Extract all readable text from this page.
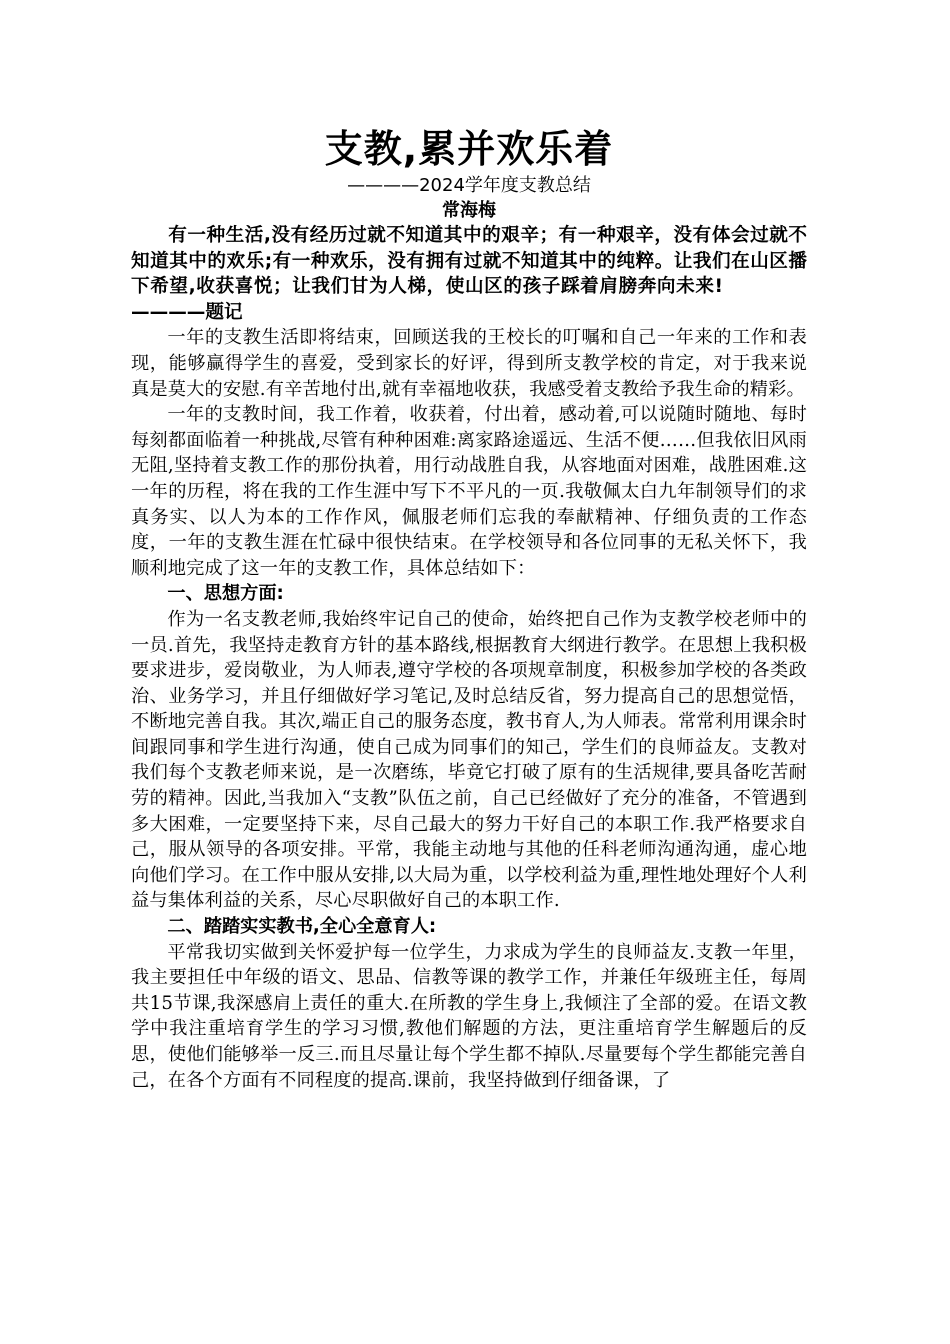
支教,累并欢乐着

————2024学年度支教总结

常海梅

有一种生活,没有经历过就不知道其中的艰辛；有一种艰辛，没有体会过就不知道其中的欢乐;有一种欢乐，没有拥有过就不知道其中的纯粹。让我们在山区播下希望,收获喜悦；让我们甘为人梯，使山区的孩子踩着肩膀奔向未来!————题记

一年的支教生活即将结束，回顾送我的王校长的叮嘱和自己一年来的工作和表现，能够赢得学生的喜爱，受到家长的好评，得到所支教学校的肯定，对于我来说真是莫大的安慰.有辛苦地付出,就有幸福地收获，我感受着支教给予我生命的精彩。

一年的支教时间，我工作着，收获着，付出着，感动着,可以说随时随地、每时每刻都面临着一种挑战,尽管有种种困难:离家路途遥远、生活不便……但我依旧风雨无阻,坚持着支教工作的那份执着，用行动战胜自我，从容地面对困难，战胜困难.这一年的历程，将在我的工作生涯中写下不平凡的一页.我敬佩太白九年制领导们的求真务实、以人为本的工作作风，佩服老师们忘我的奉献精神、仔细负责的工作态度，一年的支教生涯在忙碌中很快结束。在学校领导和各位同事的无私关怀下，我顺利地完成了这一年的支教工作，具体总结如下：

一、思想方面:

作为一名支教老师,我始终牢记自己的使命，始终把自己作为支教学校老师中的一员.首先，我坚持走教育方针的基本路线,根据教育大纲进行教学。在思想上我积极要求进步，爱岗敬业，为人师表,遵守学校的各项规章制度，积极参加学校的各类政治、业务学习，并且仔细做好学习笔记,及时总结反省，努力提高自己的思想觉悟，不断地完善自我。其次,端正自己的服务态度，教书育人,为人师表。常常利用课余时间跟同事和学生进行沟通，使自己成为同事们的知己，学生们的良师益友。支教对我们每个支教老师来说，是一次磨练，毕竟它打破了原有的生活规律,要具备吃苦耐劳的精神。因此,当我加入“支教”队伍之前，自己已经做好了充分的准备，不管遇到多大困难，一定要坚持下来，尽自己最大的努力干好自己的本职工作.我严格要求自己，服从领导的各项安排。平常，我能主动地与其他的任科老师沟通沟通，虚心地向他们学习。在工作中服从安排,以大局为重，以学校利益为重,理性地处理好个人利益与集体利益的关系，尽心尽职做好自己的本职工作.

二、踏踏实实教书,全心全意育人:

平常我切实做到关怀爱护每一位学生，力求成为学生的良师益友.支教一年里，我主要担任中年级的语文、思品、信教等课的教学工作，并兼任年级班主任，每周共15节课,我深感肩上责任的重大.在所教的学生身上,我倾注了全部的爱。在语文教学中我注重培育学生的学习习惯,教他们解题的方法，更注重培育学生解题后的反思，使他们能够举一反三.而且尽量让每个学生都不掉队.尽量要每个学生都能完善自己，在各个方面有不同程度的提高.课前，我坚持做到仔细备课，了
